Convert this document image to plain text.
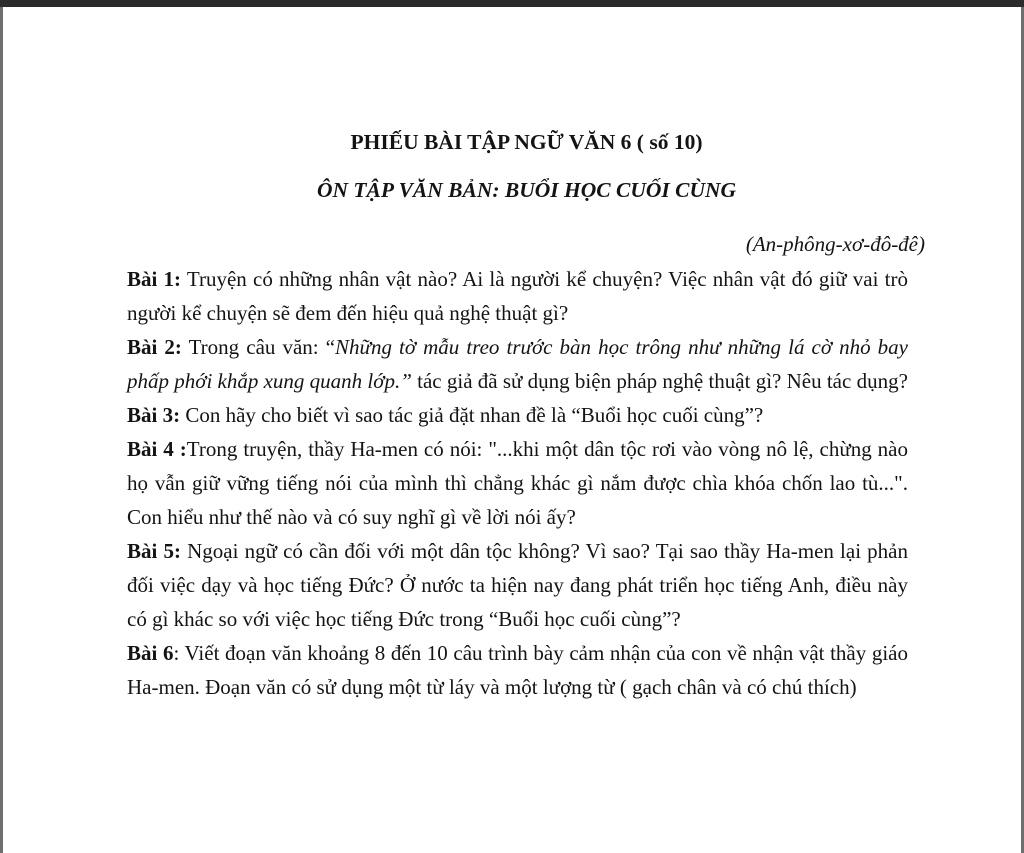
PHIẾU BÀI TẬP NGỮ VĂN 6 ( số 10)
ÔN TẬP VĂN BẢN: BUỔI HỌC CUỐI CÙNG
(An-phông-xơ-đô-đê)

Bài 1: Truyện có những nhân vật nào? Ai là người kể chuyện? Việc nhân vật đó giữ vai trò người kể chuyện sẽ đem đến hiệu quả nghệ thuật gì?

Bài 2: Trong câu văn: “Những tờ mẫu treo trước bàn học trông như những lá cờ nhỏ bay phấp phới khắp xung quanh lớp.” tác giả đã sử dụng biện pháp nghệ thuật gì? Nêu tác dụng?

Bài 3: Con hãy cho biết vì sao tác giả đặt nhan đề là “Buổi học cuối cùng”?

Bài 4 :Trong truyện, thầy Ha-men có nói: "...khi một dân tộc rơi vào vòng nô lệ, chừng nào họ vẫn giữ vững tiếng nói của mình thì chẳng khác gì nắm được chìa khóa chốn lao tù...". Con hiểu như thế nào và có suy nghĩ gì về lời nói ấy?

Bài 5: Ngoại ngữ có cần đối với một dân tộc không? Vì sao? Tại sao thầy Ha-men lại phản đối việc dạy và học tiếng Đức? Ở nước ta hiện nay đang phát triển học tiếng Anh, điều này có gì khác so với việc học tiếng Đức trong “Buổi học cuối cùng”?

Bài 6: Viết đoạn văn khoảng 8 đến 10 câu trình bày cảm nhận của con về nhận vật thầy giáo Ha-men. Đoạn văn có sử dụng một từ láy và một lượng từ ( gạch chân và có chú thích)
